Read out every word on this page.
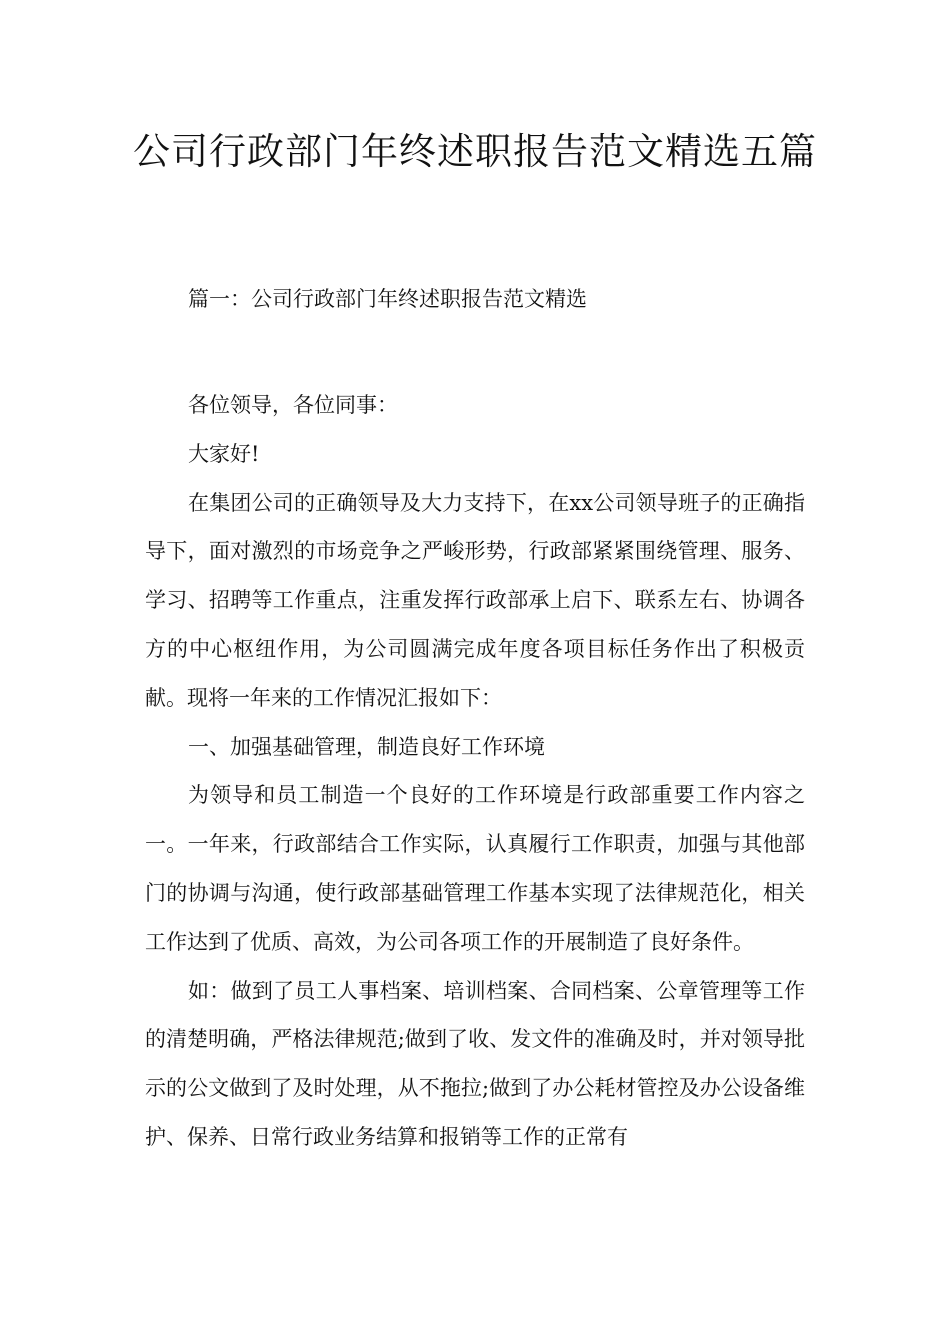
公司行政部门年终述职报告范文精选五篇
篇一：公司行政部门年终述职报告范文精选

各位领导，各位同事：

大家好!

在集团公司的正确领导及大力支持下，在xx公司领导班子的正确指导下，面对激烈的市场竞争之严峻形势，行政部紧紧围绕管理、服务、学习、招聘等工作重点，注重发挥行政部承上启下、联系左右、协调各方的中心枢纽作用，为公司圆满完成年度各项目标任务作出了积极贡献。现将一年来的工作情况汇报如下：

一、加强基础管理，制造良好工作环境

为领导和员工制造一个良好的工作环境是行政部重要工作内容之一。一年来，行政部结合工作实际，认真履行工作职责，加强与其他部门的协调与沟通，使行政部基础管理工作基本实现了法律规范化，相关工作达到了优质、高效，为公司各项工作的开展制造了良好条件。

如：做到了员工人事档案、培训档案、合同档案、公章管理等工作的清楚明确，严格法律规范;做到了收、发文件的准确及时，并对领导批示的公文做到了及时处理，从不拖拉;做到了办公耗材管控及办公设备维护、保养、日常行政业务结算和报销等工作的正常有
